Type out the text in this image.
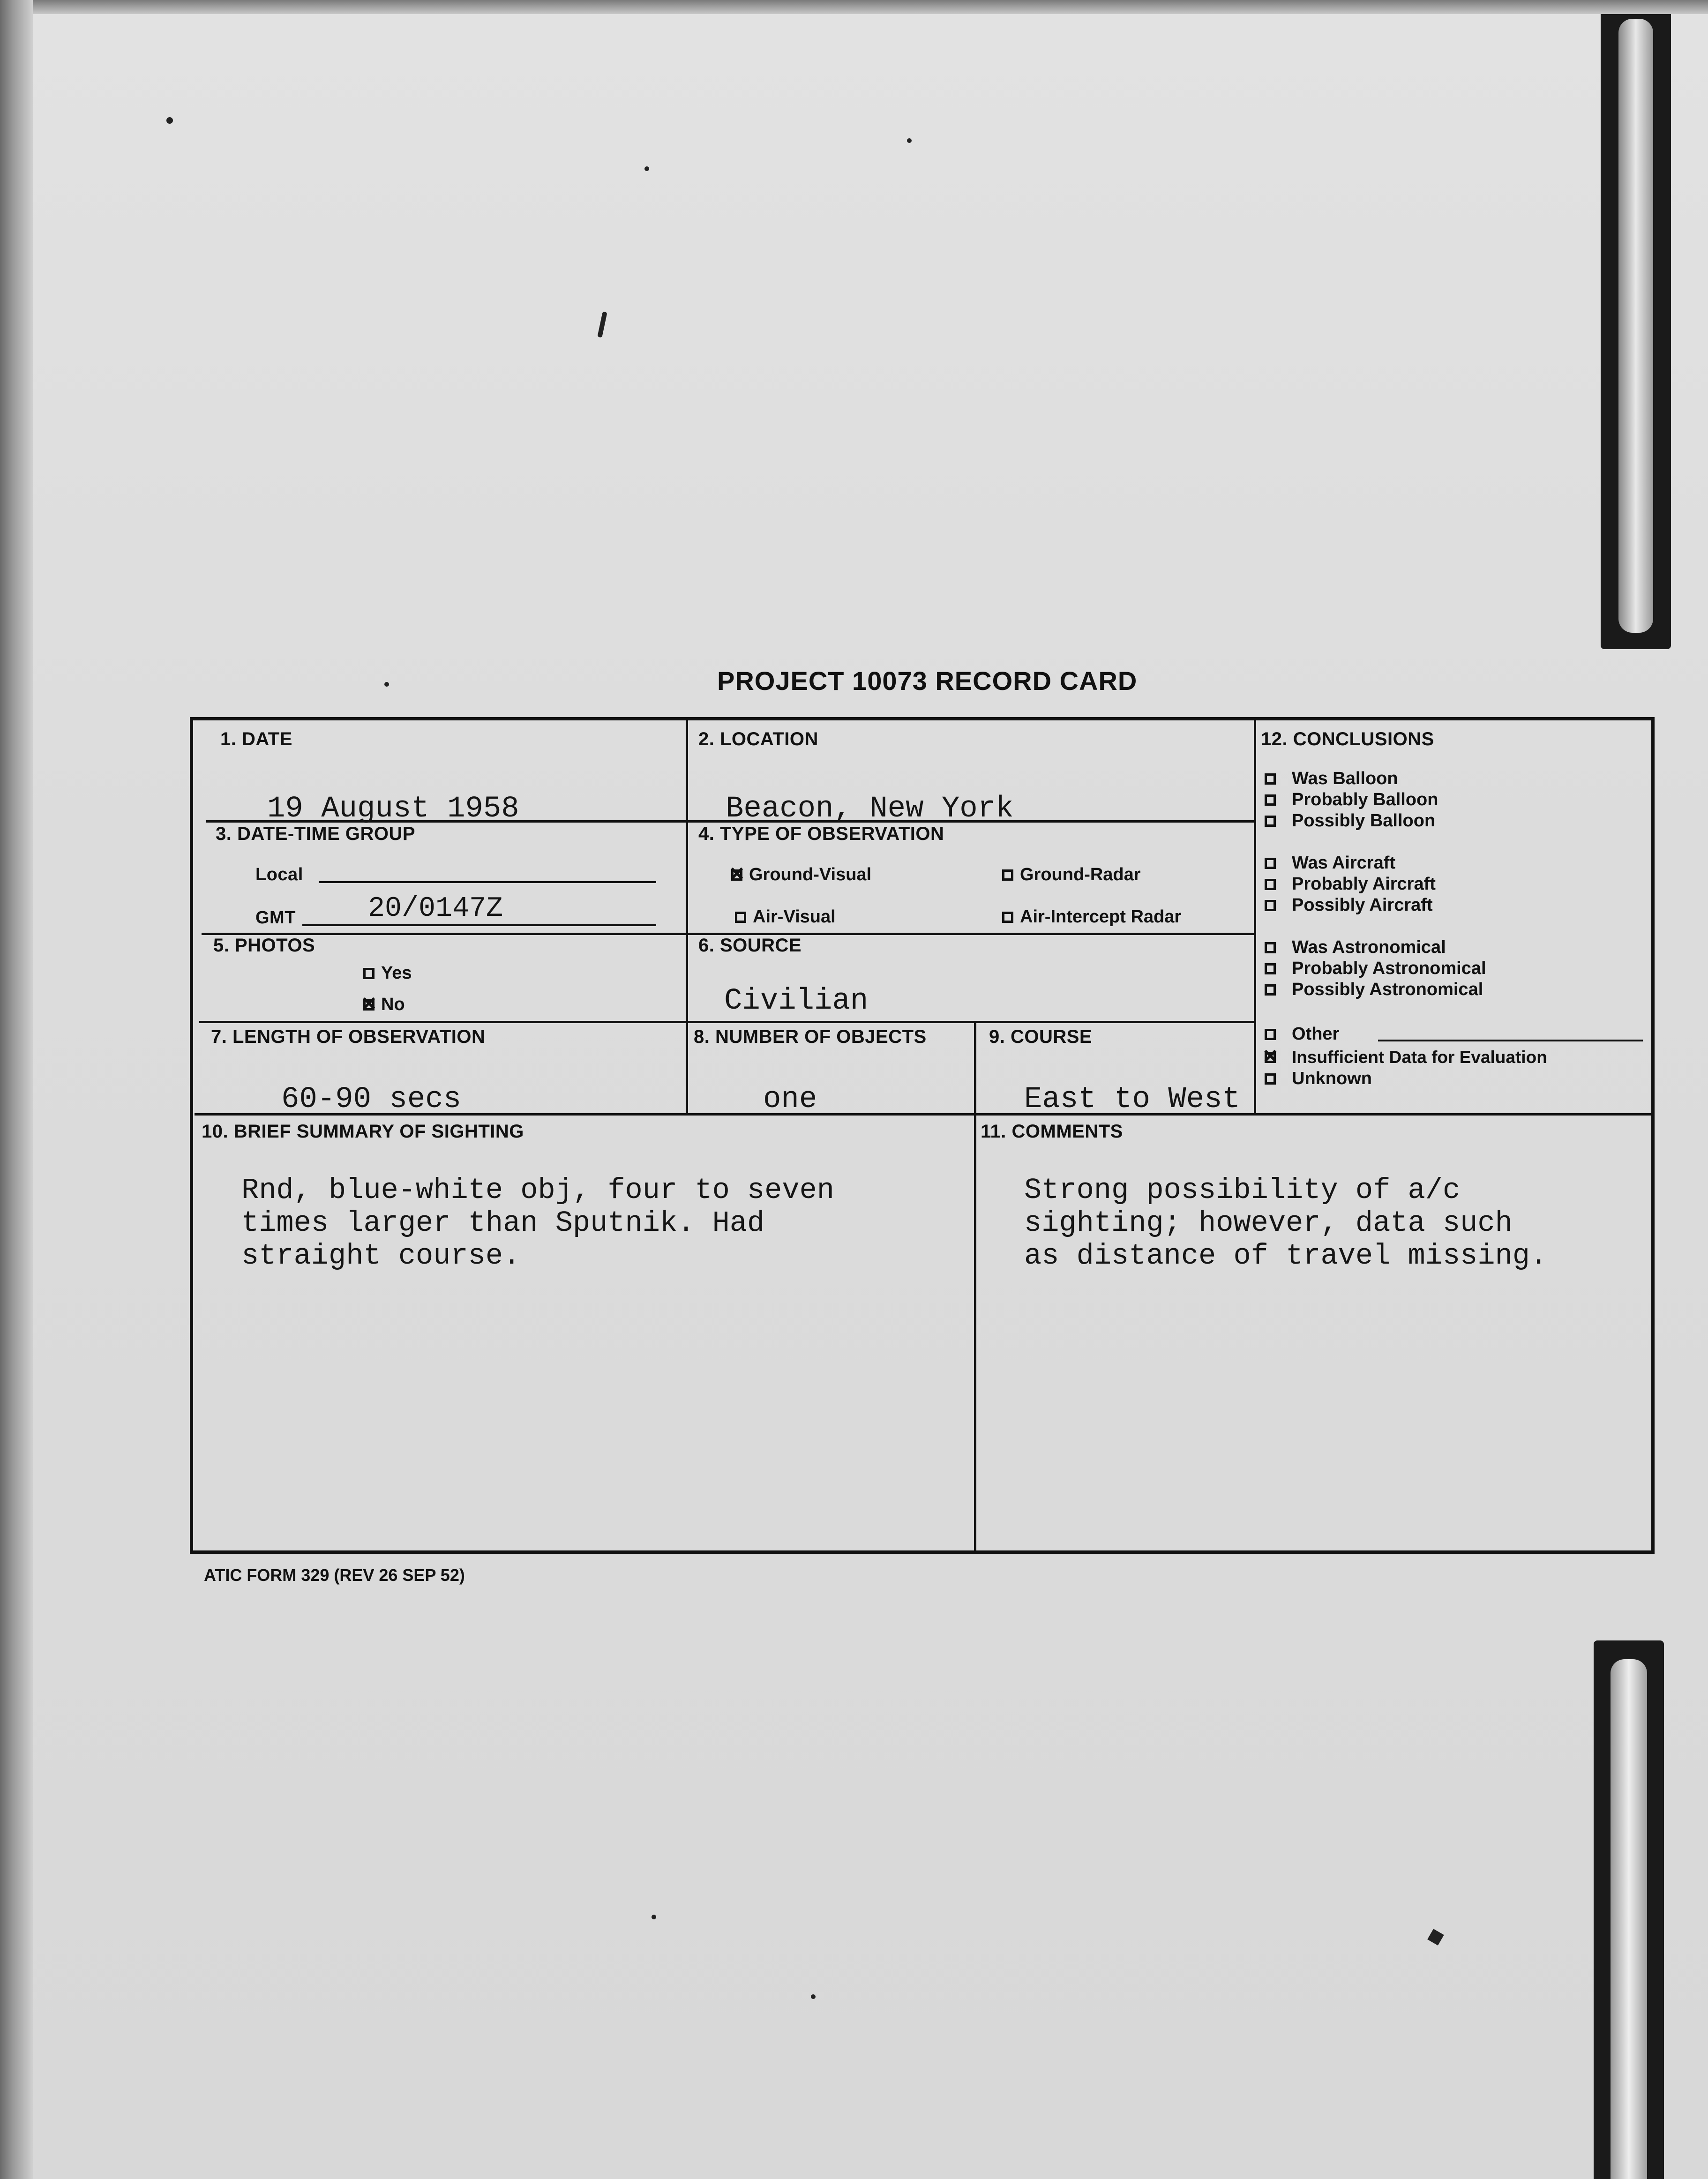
PROJECT 10073 RECORD CARD
1. DATE
19 August 1958
2. LOCATION
Beacon, New York
3. DATE-TIME GROUP
Local
GMT	20/0147Z
4. TYPE OF OBSERVATION
×
Ground-Visual	Ground-Radar
Air-Visual	Air-Intercept Radar
5. PHOTOS
Yes
×
No
6. SOURCE
Civilian
7. LENGTH OF OBSERVATION
60-90 secs
8. NUMBER OF OBJECTS
one
9. COURSE
East to West
10. BRIEF SUMMARY OF SIGHTING
Rnd, blue-white obj, four to seven
times larger than Sputnik. Had
straight course.
11. COMMENTS
Strong possibility of a/c
sighting; however, data such
as distance of travel missing.
12. CONCLUSIONS
Was Balloon
Probably Balloon
Possibly Balloon
Was Aircraft
Probably Aircraft
Possibly Aircraft
Was Astronomical
Probably Astronomical
Possibly Astronomical
Other
×
Insufficient Data for Evaluation
Unknown
ATIC FORM 329 (REV 26 SEP 52)
